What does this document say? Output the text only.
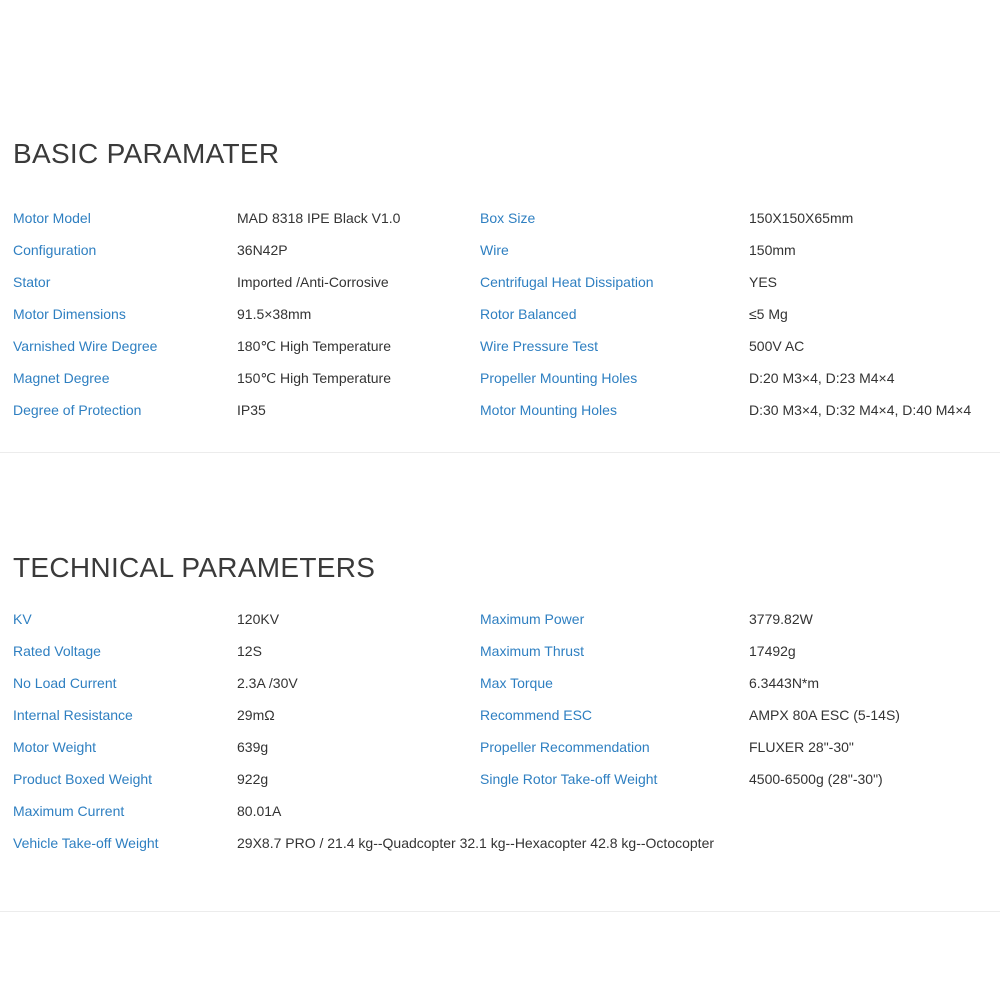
BASIC PARAMATER
Motor Model	MAD 8318 IPE Black V1.0	Box Size	150X150X65mm
Configuration	36N42P	Wire	150mm
Stator	Imported /Anti-Corrosive	Centrifugal Heat Dissipation	YES
Motor Dimensions	91.5×38mm	Rotor Balanced	≤5 Mg
Varnished Wire Degree	180℃ High Temperature	Wire Pressure Test	500V AC
Magnet Degree	150℃ High Temperature	Propeller Mounting Holes	D:20 M3×4, D:23 M4×4
Degree of Protection	IP35	Motor Mounting Holes	D:30 M3×4, D:32 M4×4, D:40 M4×4
TECHNICAL PARAMETERS
KV	120KV	Maximum Power	3779.82W
Rated Voltage	12S	Maximum Thrust	17492g
No Load Current	2.3A /30V	Max Torque	6.3443N*m
Internal Resistance	29mΩ	Recommend ESC	AMPX 80A ESC (5-14S)
Motor Weight	639g	Propeller Recommendation	FLUXER 28"-30"
Product Boxed Weight	922g	Single Rotor Take-off Weight	4500-6500g (28"-30")
Maximum Current	80.01A
Vehicle Take-off Weight	29X8.7 PRO / 21.4 kg--Quadcopter 32.1 kg--Hexacopter 42.8 kg--Octocopter
